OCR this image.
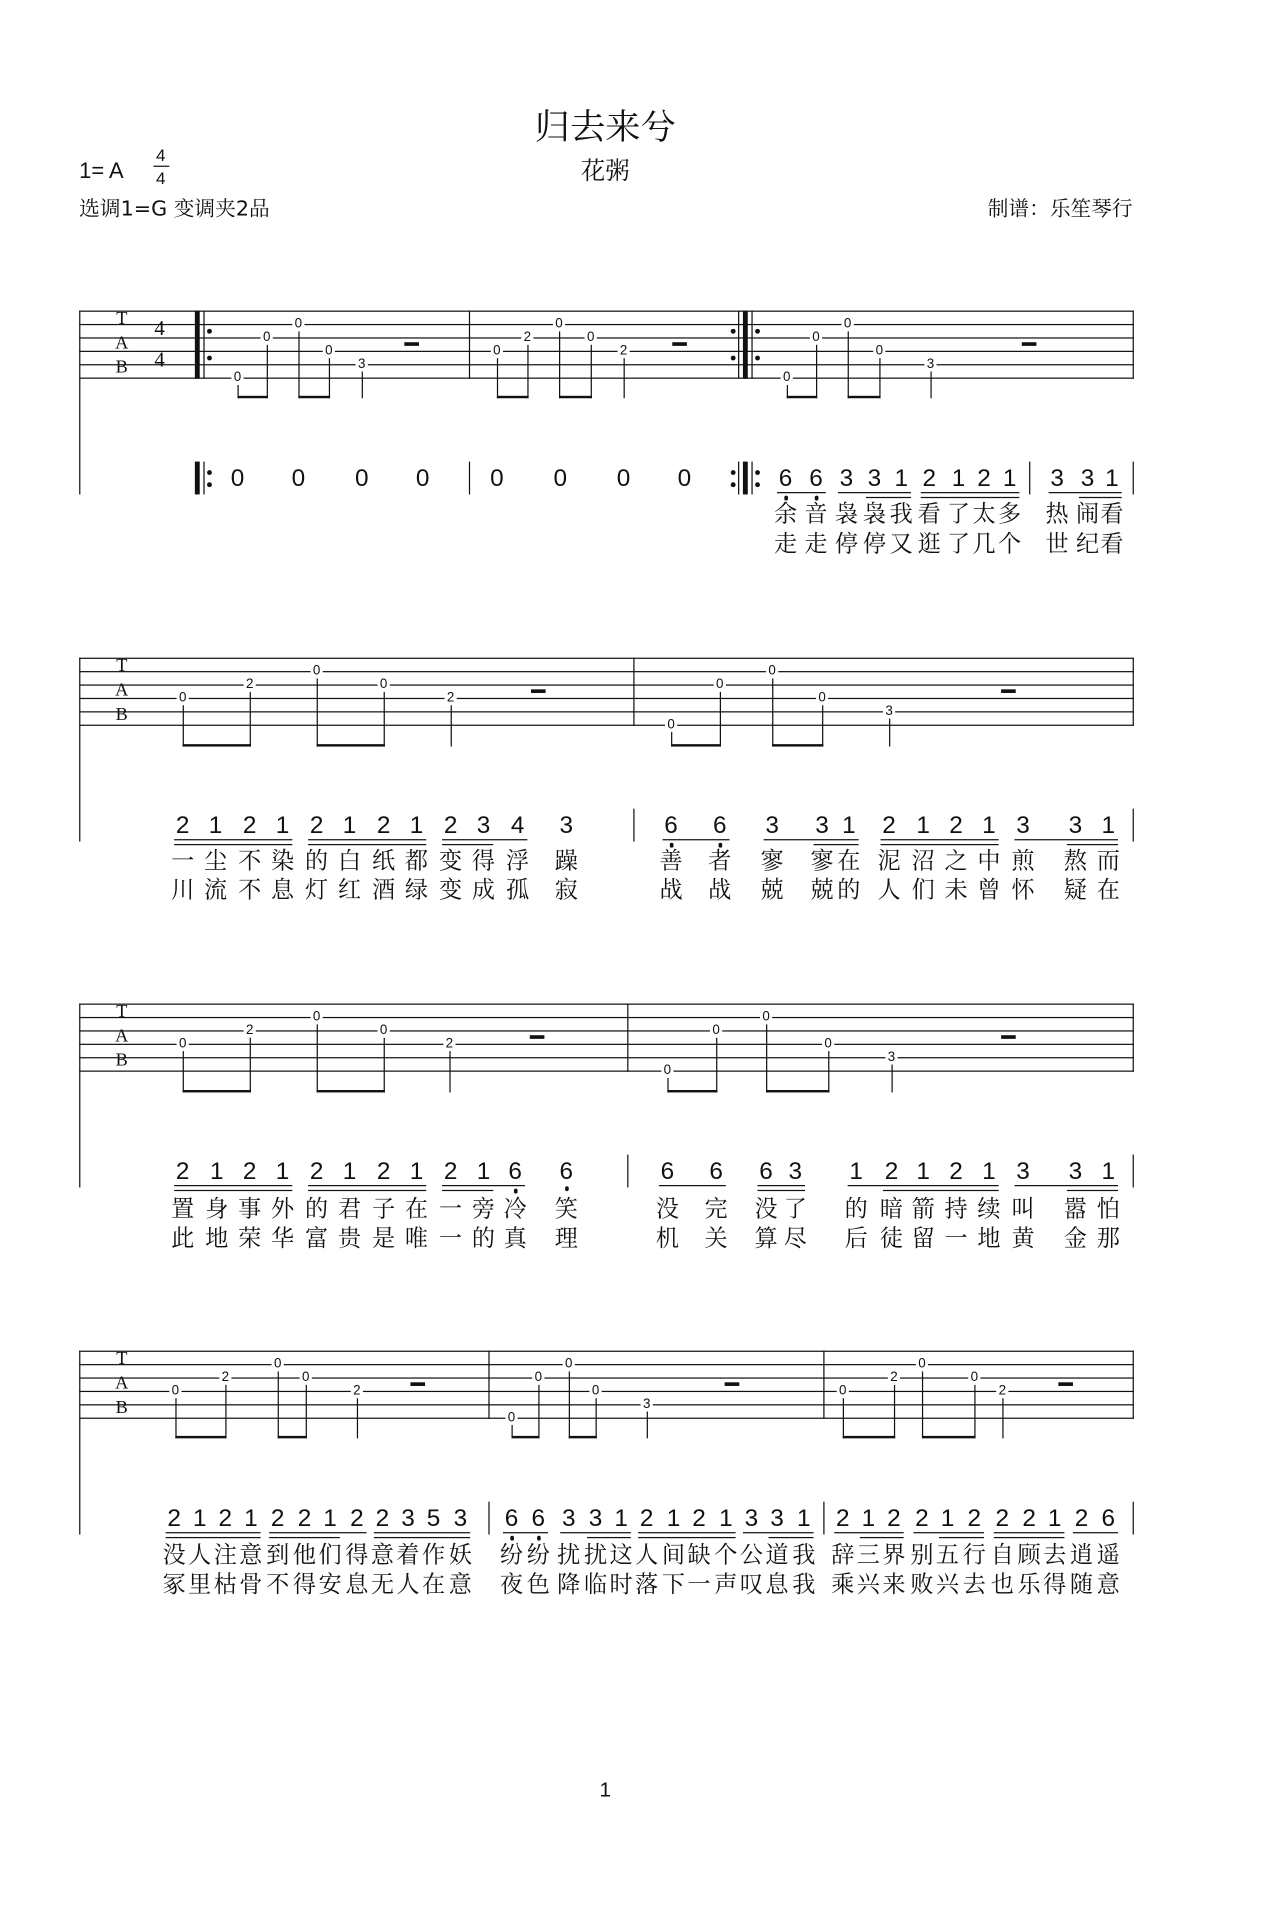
归去来兮
1= A
4
4	花粥
选调1=G 变调夹2品	制谱：乐笙琴行
T
A
B
4
4
0
0
0
0
3
0
2
0
0
2
0
0
0
0
3
0 0 0 0	0 0 0 0	6 6 3 3 1 2 1 2 1
余 音 袅 袅 我 看 了 太 多
走 走 停 停 又 逛 了 几 个
3 3 1
热 闹 看
世 纪 看
T
A
B
0
2
0
0
2
0
0
0
0
3
2 1 2 1 2 1 2 1 2 3 4 3
一 尘 不 染 的 白 纸 都 变 得 浮 躁
川 流 不 息 灯 红 酒 绿 变 成 孤 寂
6 6 3 3 1 2 1 2 1 3 3 1
善 者 寥 寥 在 泥 沼 之 中 煎 熬 而
战 战 兢 兢 的 人 们 未 曾 怀 疑 在
T
A
B
0
2
0
0
2
0
0
0
0
3
2 1 2 1 2 1 2 1 2 1 6 6
置 身 事 外 的 君 子 在 一 旁 冷 笑
此 地 荣 华 富 贵 是 唯 一 的 真 理
6 6 6 3 1 2 1 2 1 3 3 1
没 完 没 了 的 暗 箭 持 续 叫 嚣 怕
机 关 算 尽 后 徒 留 一 地 黄 金 那
T
A
B
0
2
0
0
2
0
0
0
0
3
0
2
0
0
2
2 1 2 1 2 2 1 2 2 3 5 3
没 人 注 意 到 他 们 得 意 着 作 妖
冢 里 枯 骨 不 得 安 息 无 人 在 意
6 6 3 3 1 2 1 2 1 3 3 1
纷 纷 扰 扰 这 人 间 缺 个 公 道 我
夜 色 降 临 时 落 下 一 声 叹 息 我
2 1 2 2 1 2 2 2 1 2 6
辞 三 界 别 五 行 自 顾 去 逍 遥
乘 兴 来 败 兴 去 也 乐 得 随 意
1
